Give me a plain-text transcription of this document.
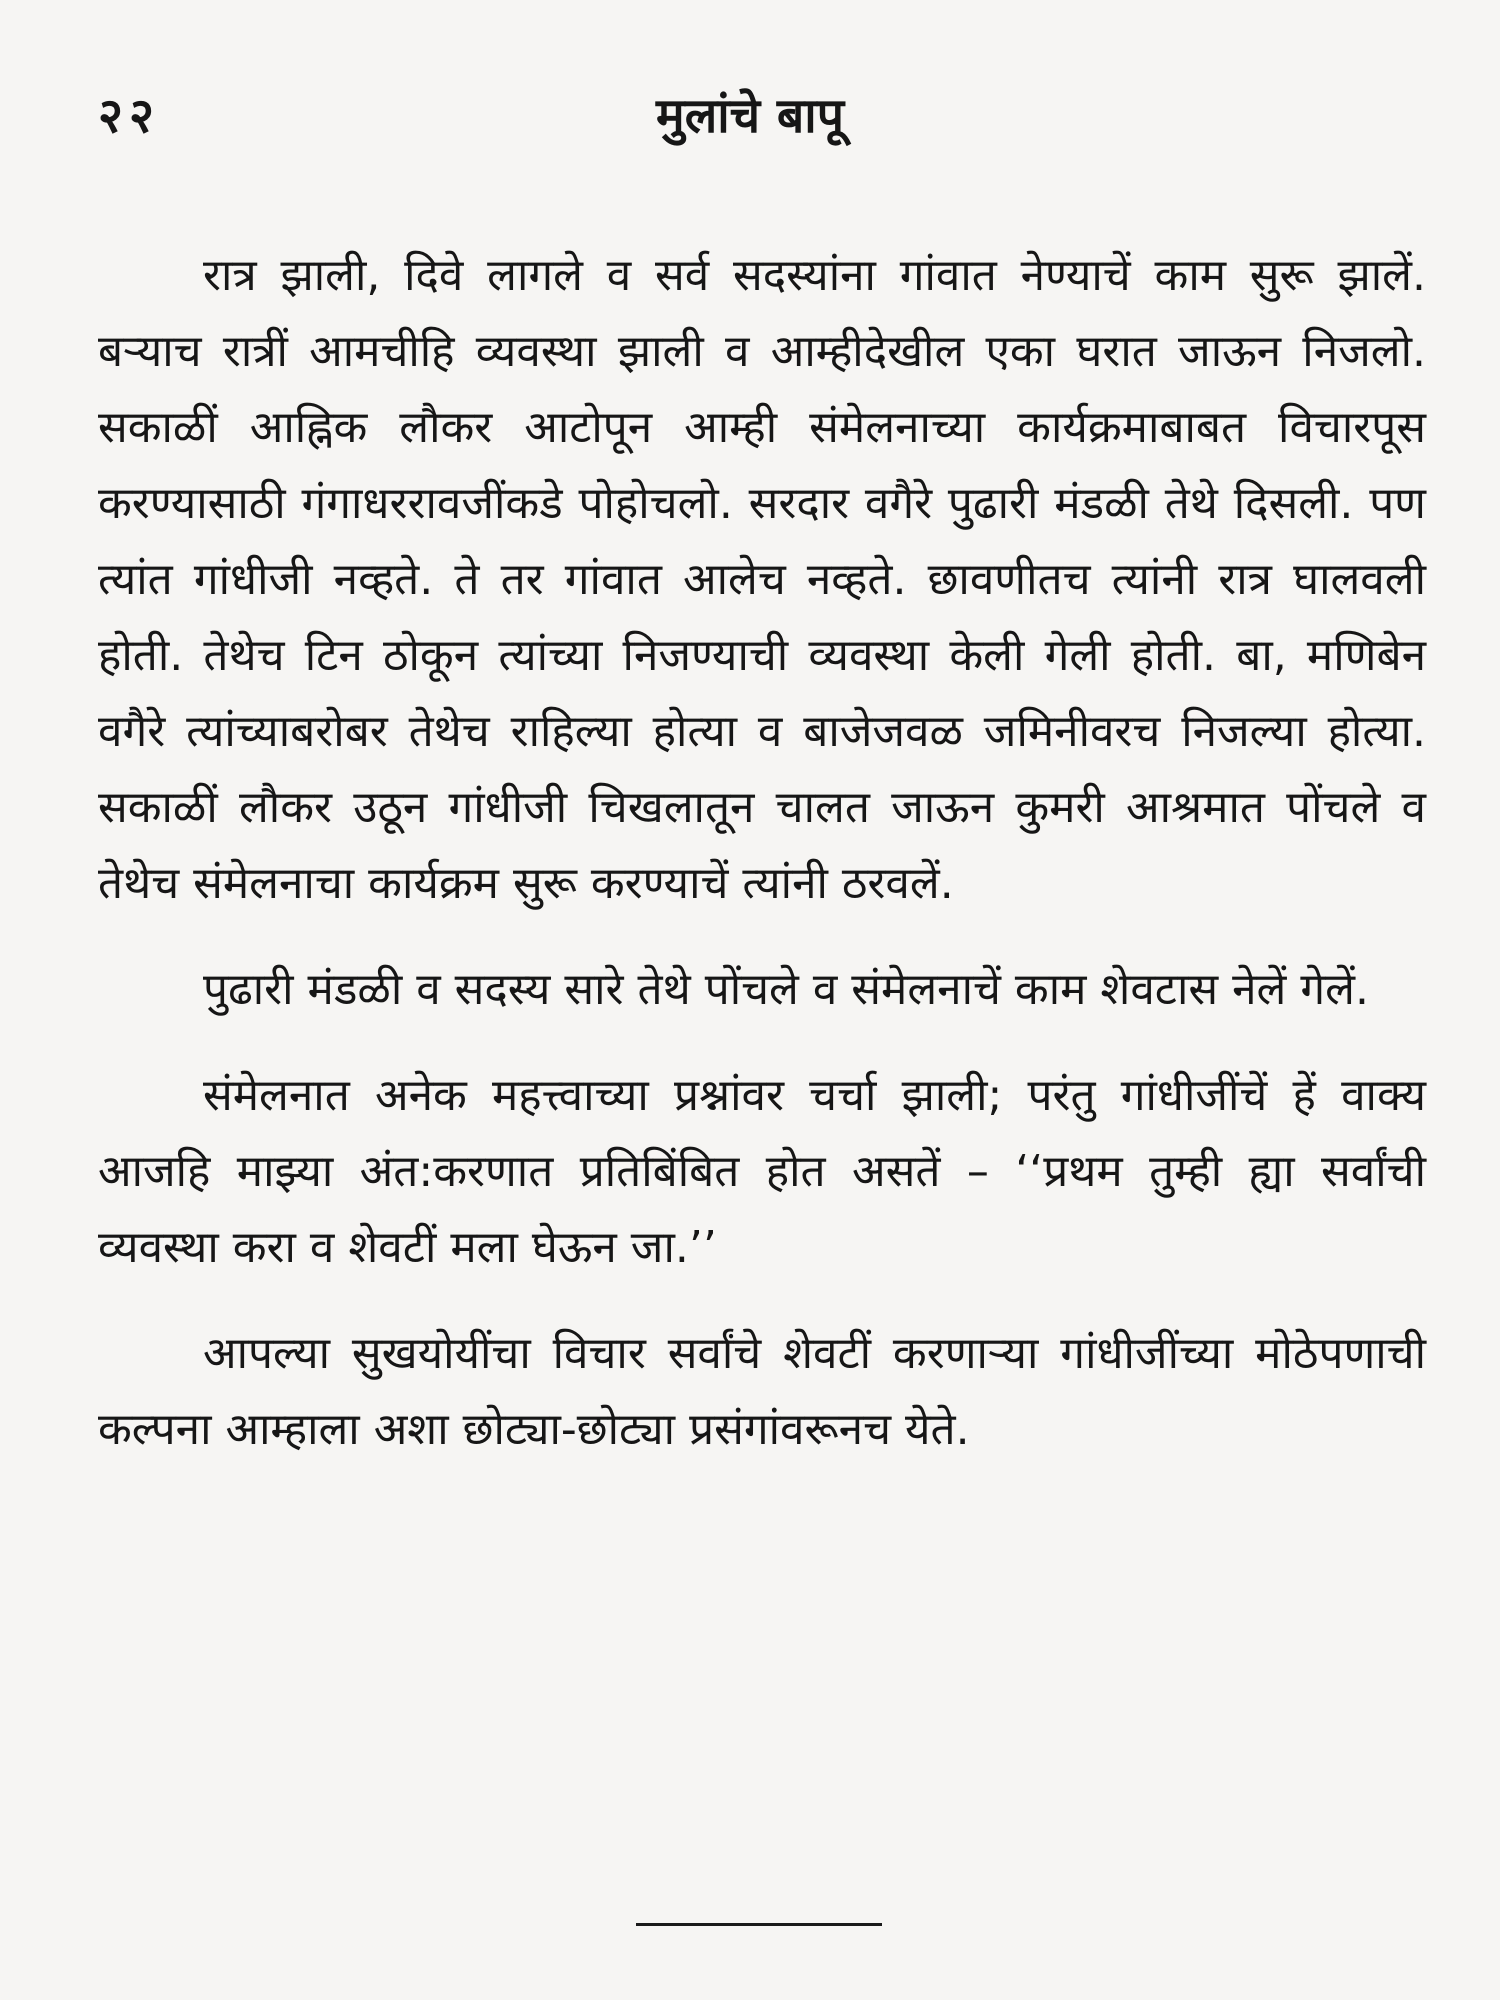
२२	मुलांचे बापू

रात्र झाली, दिवे लागले व सर्व सदस्यांना गांवात नेण्याचें काम सुरू झालें. बऱ्याच रात्रीं आमचीहि व्यवस्था झाली व आम्हीदेखील एका घरात जाऊन निजलो. सकाळीं आह्निक लौकर आटोपून आम्ही संमेलनाच्या कार्यक्रमाबाबत विचारपूस करण्यासाठी गंगाधररावजींकडे पोहोचलो. सरदार वगैरे पुढारी मंडळी तेथे दिसली. पण त्यांत गांधीजी नव्हते. ते तर गांवात आलेच नव्हते. छावणीतच त्यांनी रात्र घालवली होती. तेथेच टिन ठोकून त्यांच्या निजण्याची व्यवस्था केली गेली होती. बा, मणिबेन वगैरे त्यांच्याबरोबर तेथेच राहिल्या होत्या व बाजेजवळ जमिनीवरच निजल्या होत्या. सकाळीं लौकर उठून गांधीजी चिखलातून चालत जाऊन कुमरी आश्रमात पोंचले व तेथेच संमेलनाचा कार्यक्रम सुरू करण्याचें त्यांनी ठरवलें.

पुढारी मंडळी व सदस्य सारे तेथे पोंचले व संमेलनाचें काम शेवटास नेलें गेलें.

संमेलनात अनेक महत्त्वाच्या प्रश्नांवर चर्चा झाली; परंतु गांधीजींचें हें वाक्य आजहि माझ्या अंत:करणात प्रतिबिंबित होत असतें – ‘‘प्रथम तुम्ही ह्या सर्वांची व्यवस्था करा व शेवटीं मला घेऊन जा.’’

आपल्या सुखयोयींचा विचार सर्वांचे शेवटीं करणाऱ्या गांधीजींच्या मोठेपणाची कल्पना आम्हाला अशा छोट्या-छोट्या प्रसंगांवरूनच येते.
